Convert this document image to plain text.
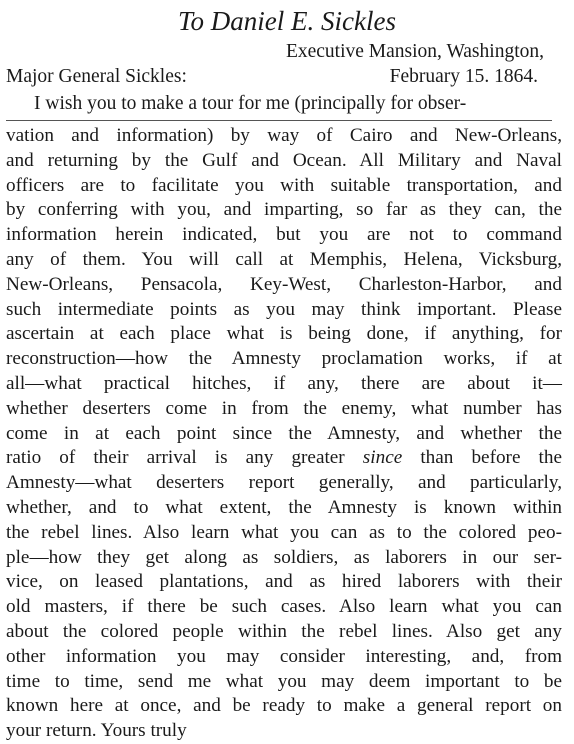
To Daniel E. Sickles
Executive Mansion, Washington,
Major General Sickles:	February 15. 1864.
I wish you to make a tour for me (principally for obser-
vation and information) by way of Cairo and New-Orleans,
and returning by the Gulf and Ocean. All Military and Naval
officers are to facilitate you with suitable transportation, and
by conferring with you, and imparting, so far as they can, the
information herein indicated, but you are not to command
any of them. You will call at Memphis, Helena, Vicksburg,
New-Orleans, Pensacola, Key-West, Charleston-Harbor, and
such intermediate points as you may think important. Please
ascertain at each place what is being done, if anything, for
reconstruction—how the Amnesty proclamation works, if at
all—what practical hitches, if any, there are about it—
whether deserters come in from the enemy, what number has
come in at each point since the Amnesty, and whether the
ratio of their arrival is any greater since than before the
Amnesty—what deserters report generally, and particularly,
whether, and to what extent, the Amnesty is known within
the rebel lines. Also learn what you can as to the colored peo-
ple—how they get along as soldiers, as laborers in our ser-
vice, on leased plantations, and as hired laborers with their
old masters, if there be such cases. Also learn what you can
about the colored people within the rebel lines. Also get any
other information you may consider interesting, and, from
time to time, send me what you may deem important to be
known here at once, and be ready to make a general report on
your return. Yours truly
